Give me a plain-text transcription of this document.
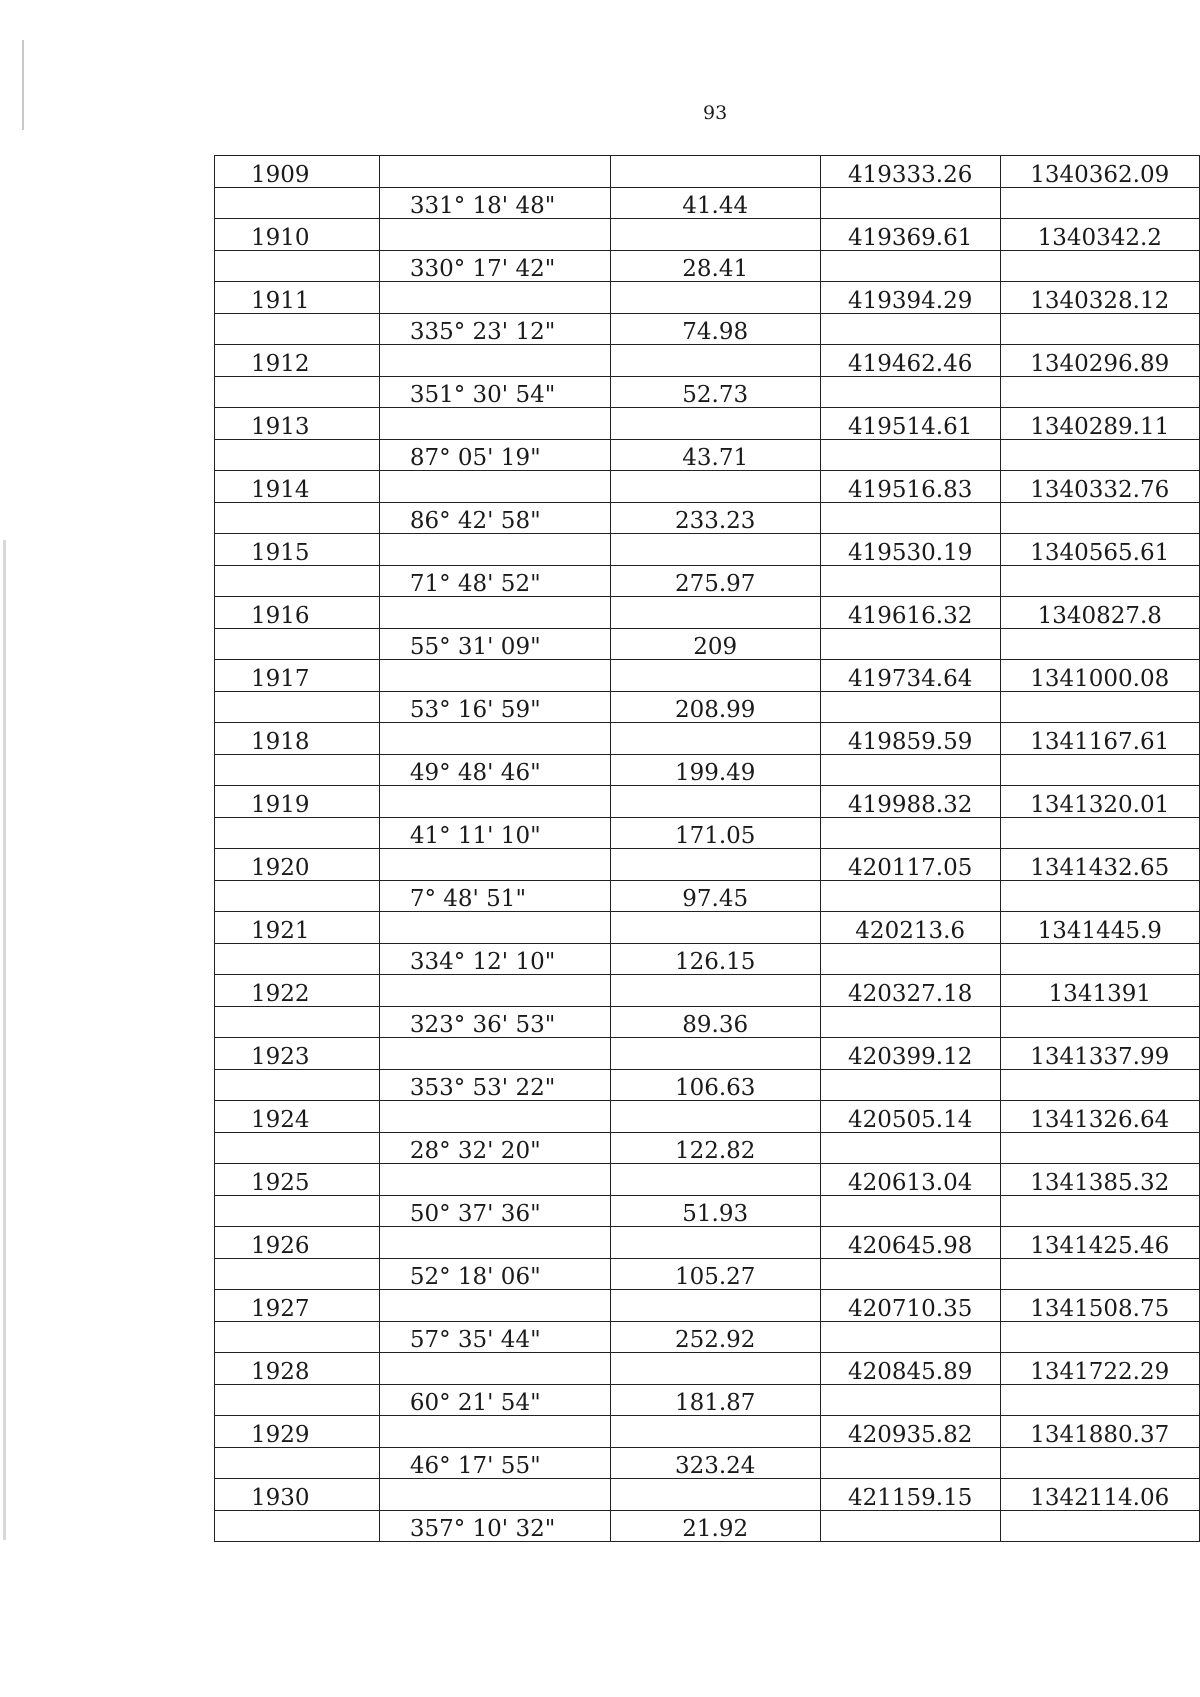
93
1909			419333.26	1340362.09
	331° 18' 48"	41.44		
1910			419369.61	1340342.2
	330° 17' 42"	28.41		
1911			419394.29	1340328.12
	335° 23' 12"	74.98		
1912			419462.46	1340296.89
	351° 30' 54"	52.73		
1913			419514.61	1340289.11
	87° 05' 19"	43.71		
1914			419516.83	1340332.76
	86° 42' 58"	233.23		
1915			419530.19	1340565.61
	71° 48' 52"	275.97		
1916			419616.32	1340827.8
	55° 31' 09"	209		
1917			419734.64	1341000.08
	53° 16' 59"	208.99		
1918			419859.59	1341167.61
	49° 48' 46"	199.49		
1919			419988.32	1341320.01
	41° 11' 10"	171.05		
1920			420117.05	1341432.65
	7° 48' 51"	97.45		
1921			420213.6	1341445.9
	334° 12' 10"	126.15		
1922			420327.18	1341391
	323° 36' 53"	89.36		
1923			420399.12	1341337.99
	353° 53' 22"	106.63		
1924			420505.14	1341326.64
	28° 32' 20"	122.82		
1925			420613.04	1341385.32
	50° 37' 36"	51.93		
1926			420645.98	1341425.46
	52° 18' 06"	105.27		
1927			420710.35	1341508.75
	57° 35' 44"	252.92		
1928			420845.89	1341722.29
	60° 21' 54"	181.87		
1929			420935.82	1341880.37
	46° 17' 55"	323.24		
1930			421159.15	1342114.06
	357° 10' 32"	21.92		
